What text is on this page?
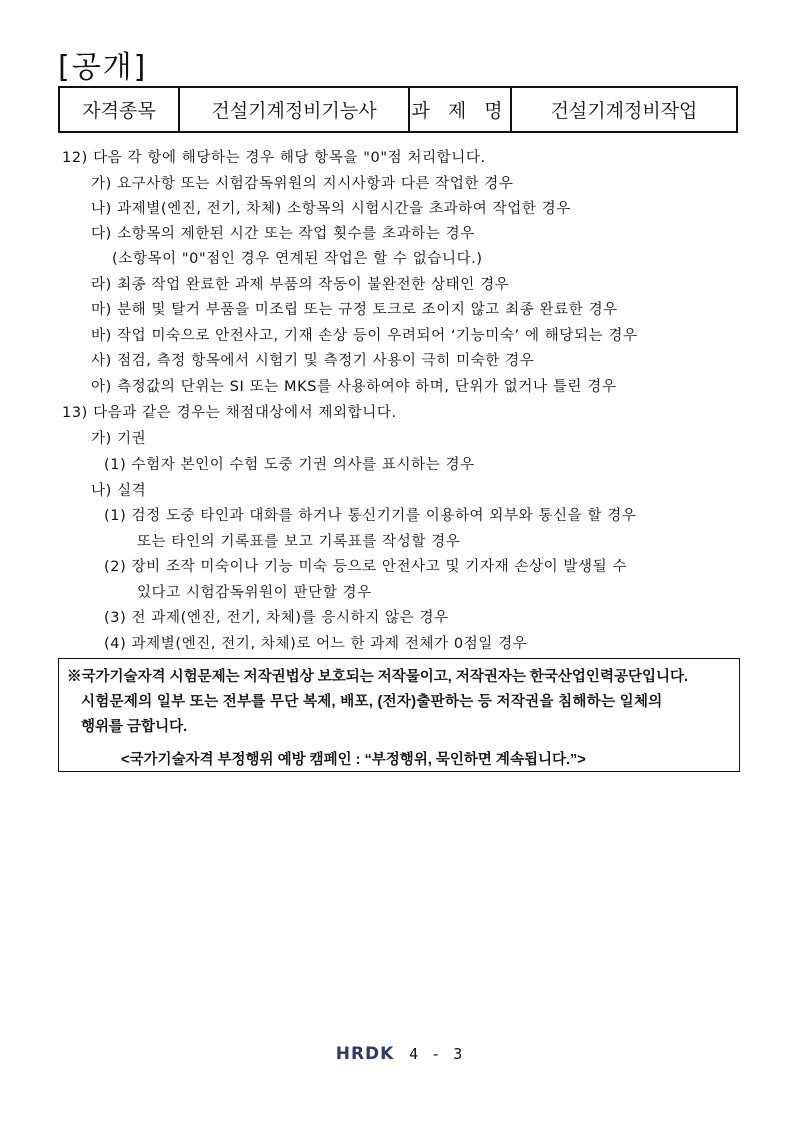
[공개]
자격종목	건설기계정비기능사	과 제 명	건설기계정비작업
12) 다음 각 항에 해당하는 경우 해당 항목을 "0"점 처리합니다.
가) 요구사항 또는 시험감독위원의 지시사항과 다른 작업한 경우
나) 과제별(엔진, 전기, 차체) 소항목의 시험시간을 초과하여 작업한 경우
다) 소항목의 제한된 시간 또는 작업 횟수를 초과하는 경우
(소항목이 "0"점인 경우 연계된 작업은 할 수 없습니다.)
라) 최종 작업 완료한 과제 부품의 작동이 불완전한 상태인 경우
마) 분해 및 탈거 부품을 미조립 또는 규정 토크로 조이지 않고 최종 완료한 경우
바) 작업 미숙으로 안전사고, 기재 손상 등이 우려되어 ‘기능미숙’ 에 해당되는 경우
사) 점검, 측정 항목에서 시험기 및 측정기 사용이 극히 미숙한 경우
아) 측정값의 단위는 SI 또는 MKS를 사용하여야 하며, 단위가 없거나 틀린 경우
13) 다음과 같은 경우는 채점대상에서 제외합니다.
가) 기권
(1) 수험자 본인이 수험 도중 기권 의사를 표시하는 경우
나) 실격
(1) 검정 도중 타인과 대화를 하거나 통신기기를 이용하여 외부와 통신을 할 경우
또는 타인의 기록표를 보고 기록표를 작성할 경우
(2) 장비 조작 미숙이나 기능 미숙 등으로 안전사고 및 기자재 손상이 발생될 수
있다고 시험감독위원이 판단할 경우
(3) 전 과제(엔진, 전기, 차체)를 응시하지 않은 경우
(4) 과제별(엔진, 전기, 차체)로 어느 한 과제 전체가 0점일 경우
※국가기술자격 시험문제는 저작권법상 보호되는 저작물이고, 저작권자는 한국산업인력공단입니다.
시험문제의 일부 또는 전부를 무단 복제, 배포, (전자)출판하는 등 저작권을 침해하는 일체의
행위를 금합니다.
<국가기술자격 부정행위 예방 캠페인 : “부정행위, 묵인하면 계속됩니다.”>
HRDK 4 - 3
